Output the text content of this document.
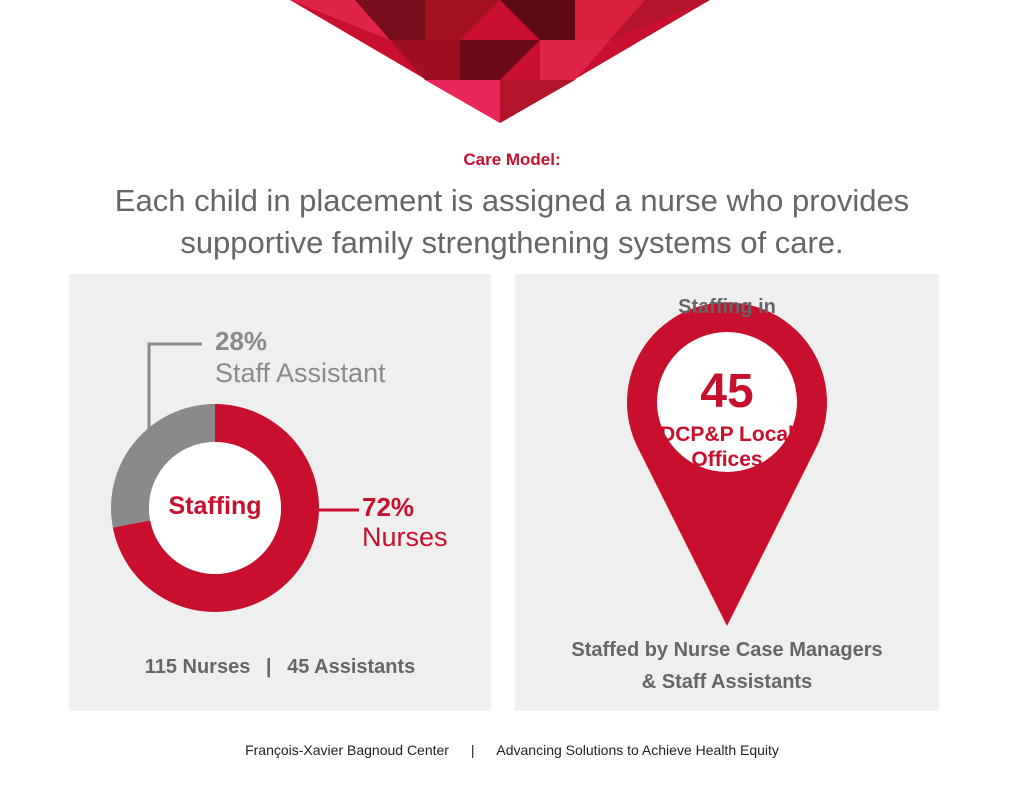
Care Model:
Each child in placement is assigned a nurse who provides
supportive family strengthening systems of care.
28%
Staff Assistant
72%
Nurses
Staffing
115 Nurses | 45 Assistants
Staffing in
45
DCP&P Local
Offices
Staffed by Nurse Case Managers
& Staff Assistants
François-Xavier Bagnoud Center | Advancing Solutions to Achieve Health Equity
